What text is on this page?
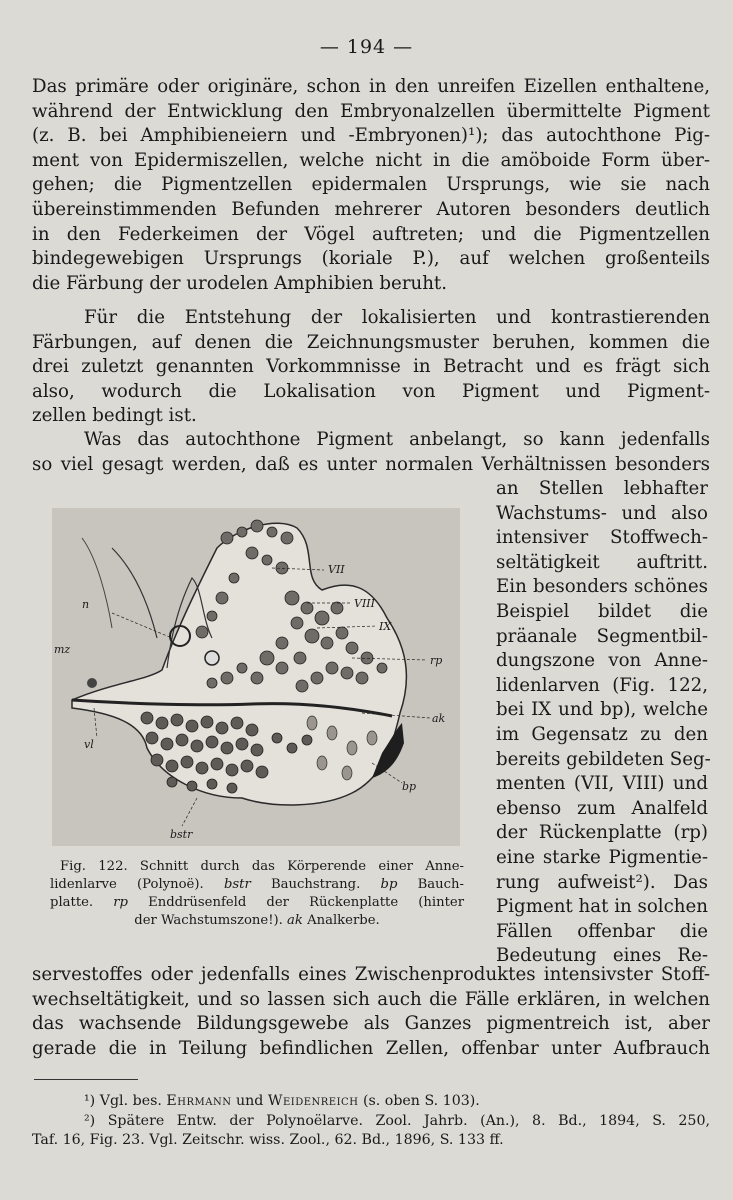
— 194 —

Das primäre oder originäre, schon in den unreifen Eizellen enthaltene,

während der Entwicklung den Embryonalzellen übermittelte Pigment

(z. B. bei Amphibieneiern und -Embryonen)¹); das autochthone Pig-

ment von Epidermiszellen, welche nicht in die amöboide Form über-

gehen; die Pigmentzellen epidermalen Ursprungs, wie sie nach

übereinstimmenden Befunden mehrerer Autoren besonders deutlich

in den Federkeimen der Vögel auftreten; und die Pigmentzellen

bindegewebigen Ursprungs (koriale P.), auf welchen großenteils

die Färbung der urodelen Amphibien beruht.

Für die Entstehung der lokalisierten und kontrastierenden

Färbungen, auf denen die Zeichnungsmuster beruhen, kommen die

drei zuletzt genannten Vorkommnisse in Betracht und es frägt sich

also, wodurch die Lokalisation von Pigment und Pigment-

zellen bedingt ist.

Was das autochthone Pigment anbelangt, so kann jedenfalls

so viel gesagt werden, daß es unter normalen Verhältnissen besonders

an Stellen lebhafter
Wachstums- und also
intensiver Stoffwech-
seltätigkeit auftritt.
Ein besonders schönes
Beispiel bildet die
präanale Segmentbil-
dungszone von Anne-
lidenlarven (Fig. 122,
bei IX und bp), welche
im Gegensatz zu den
bereits gebildeten Seg-
menten (VII, VIII) und
ebenso zum Analfeld
der Rückenplatte (rp)
eine starke Pigmentie-
rung aufweist²). Das
Pigment hat in solchen
Fällen offenbar die
Bedeutung eines Re-
VII
VIII
IX
n
mz
rp
ak
vl
bp
bstr
Fig. 122. Schnitt durch das Körperende einer Anne-
lidenlarve (Polynoë). bstr Bauchstrang. bp Bauch-
platte. rp Enddrüsenfeld der Rückenplatte (hinter
der Wachstumszone!). ak Analkerbe.

servestoffes oder jedenfalls eines Zwischenproduktes intensivster Stoff-

wechseltätigkeit, und so lassen sich auch die Fälle erklären, in welchen

das wachsende Bildungsgewebe als Ganzes pigmentreich ist, aber

gerade die in Teilung befindlichen Zellen, offenbar unter Aufbrauch

¹) Vgl. bes. Ehrmann und Weidenreich (s. oben S. 103).

²) Spätere Entw. der Polynoëlarve. Zool. Jahrb. (An.), 8. Bd., 1894, S. 250,

Taf. 16, Fig. 23. Vgl. Zeitschr. wiss. Zool., 62. Bd., 1896, S. 133 ff.
